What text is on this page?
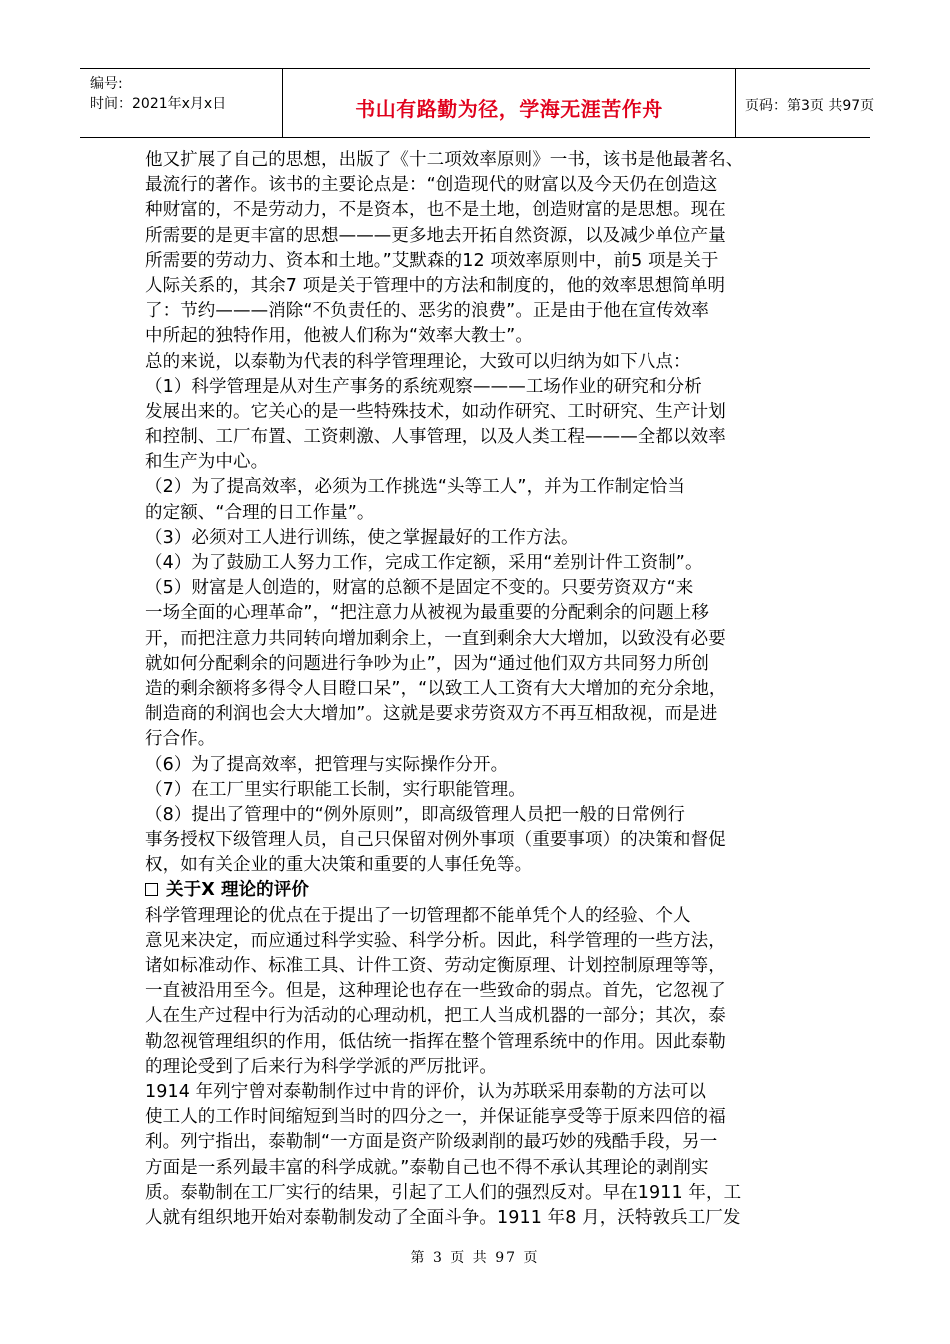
编号:
时间：2021年x月x日	书山有路勤为径，学海无涯苦作舟	页码：第3页 共97页
他又扩展了自己的思想，出版了《十二项效率原则》一书，该书是他最著名、
最流行的著作。该书的主要论点是：“创造现代的财富以及今天仍在创造这
种财富的，不是劳动力，不是资本，也不是土地，创造财富的是思想。现在
所需要的是更丰富的思想———更多地去开拓自然资源，以及减少单位产量
所需要的劳动力、资本和土地。”艾默森的12 项效率原则中，前5 项是关于
人际关系的，其余7 项是关于管理中的方法和制度的，他的效率思想简单明
了：节约———消除“不负责任的、恶劣的浪费”。正是由于他在宣传效率
中所起的独特作用，他被人们称为“效率大教士”。
总的来说，以泰勒为代表的科学管理理论，大致可以归纳为如下八点：
（1）科学管理是从对生产事务的系统观察———工场作业的研究和分析
发展出来的。它关心的是一些特殊技术，如动作研究、工时研究、生产计划
和控制、工厂布置、工资刺激、人事管理，以及人类工程———全都以效率
和生产为中心。
（2）为了提高效率，必须为工作挑选“头等工人”，并为工作制定恰当
的定额、“合理的日工作量”。
（3）必须对工人进行训练，使之掌握最好的工作方法。
（4）为了鼓励工人努力工作，完成工作定额，采用“差别计件工资制”。
（5）财富是人创造的，财富的总额不是固定不变的。只要劳资双方“来
一场全面的心理革命”，“把注意力从被视为最重要的分配剩余的问题上移
开，而把注意力共同转向增加剩余上，一直到剩余大大增加，以致没有必要
就如何分配剩余的问题进行争吵为止”，因为“通过他们双方共同努力所创
造的剩余额将多得令人目瞪口呆”，“以致工人工资有大大增加的充分余地，
制造商的利润也会大大增加”。这就是要求劳资双方不再互相敌视，而是进
行合作。
（6）为了提高效率，把管理与实际操作分开。
（7）在工厂里实行职能工长制，实行职能管理。
（8）提出了管理中的“例外原则”，即高级管理人员把一般的日常例行
事务授权下级管理人员，自己只保留对例外事项（重要事项）的决策和督促
权，如有关企业的重大决策和重要的人事任免等。
关于X 理论的评价
科学管理理论的优点在于提出了一切管理都不能单凭个人的经验、个人
意见来决定，而应通过科学实验、科学分析。因此，科学管理的一些方法，
诸如标准动作、标准工具、计件工资、劳动定衡原理、计划控制原理等等，
一直被沿用至今。但是，这种理论也存在一些致命的弱点。首先，它忽视了
人在生产过程中行为活动的心理动机，把工人当成机器的一部分；其次，泰
勒忽视管理组织的作用，低估统一指挥在整个管理系统中的作用。因此泰勒
的理论受到了后来行为科学学派的严厉批评。
1914 年列宁曾对泰勒制作过中肯的评价，认为苏联采用泰勒的方法可以
使工人的工作时间缩短到当时的四分之一，并保证能享受等于原来四倍的福
利。列宁指出，泰勒制“一方面是资产阶级剥削的最巧妙的残酷手段，另一
方面是一系列最丰富的科学成就。”泰勒自己也不得不承认其理论的剥削实
质。泰勒制在工厂实行的结果，引起了工人们的强烈反对。早在1911 年，工
人就有组织地开始对泰勒制发动了全面斗争。1911 年8 月，沃特敦兵工厂发
第 3 页 共 97 页
